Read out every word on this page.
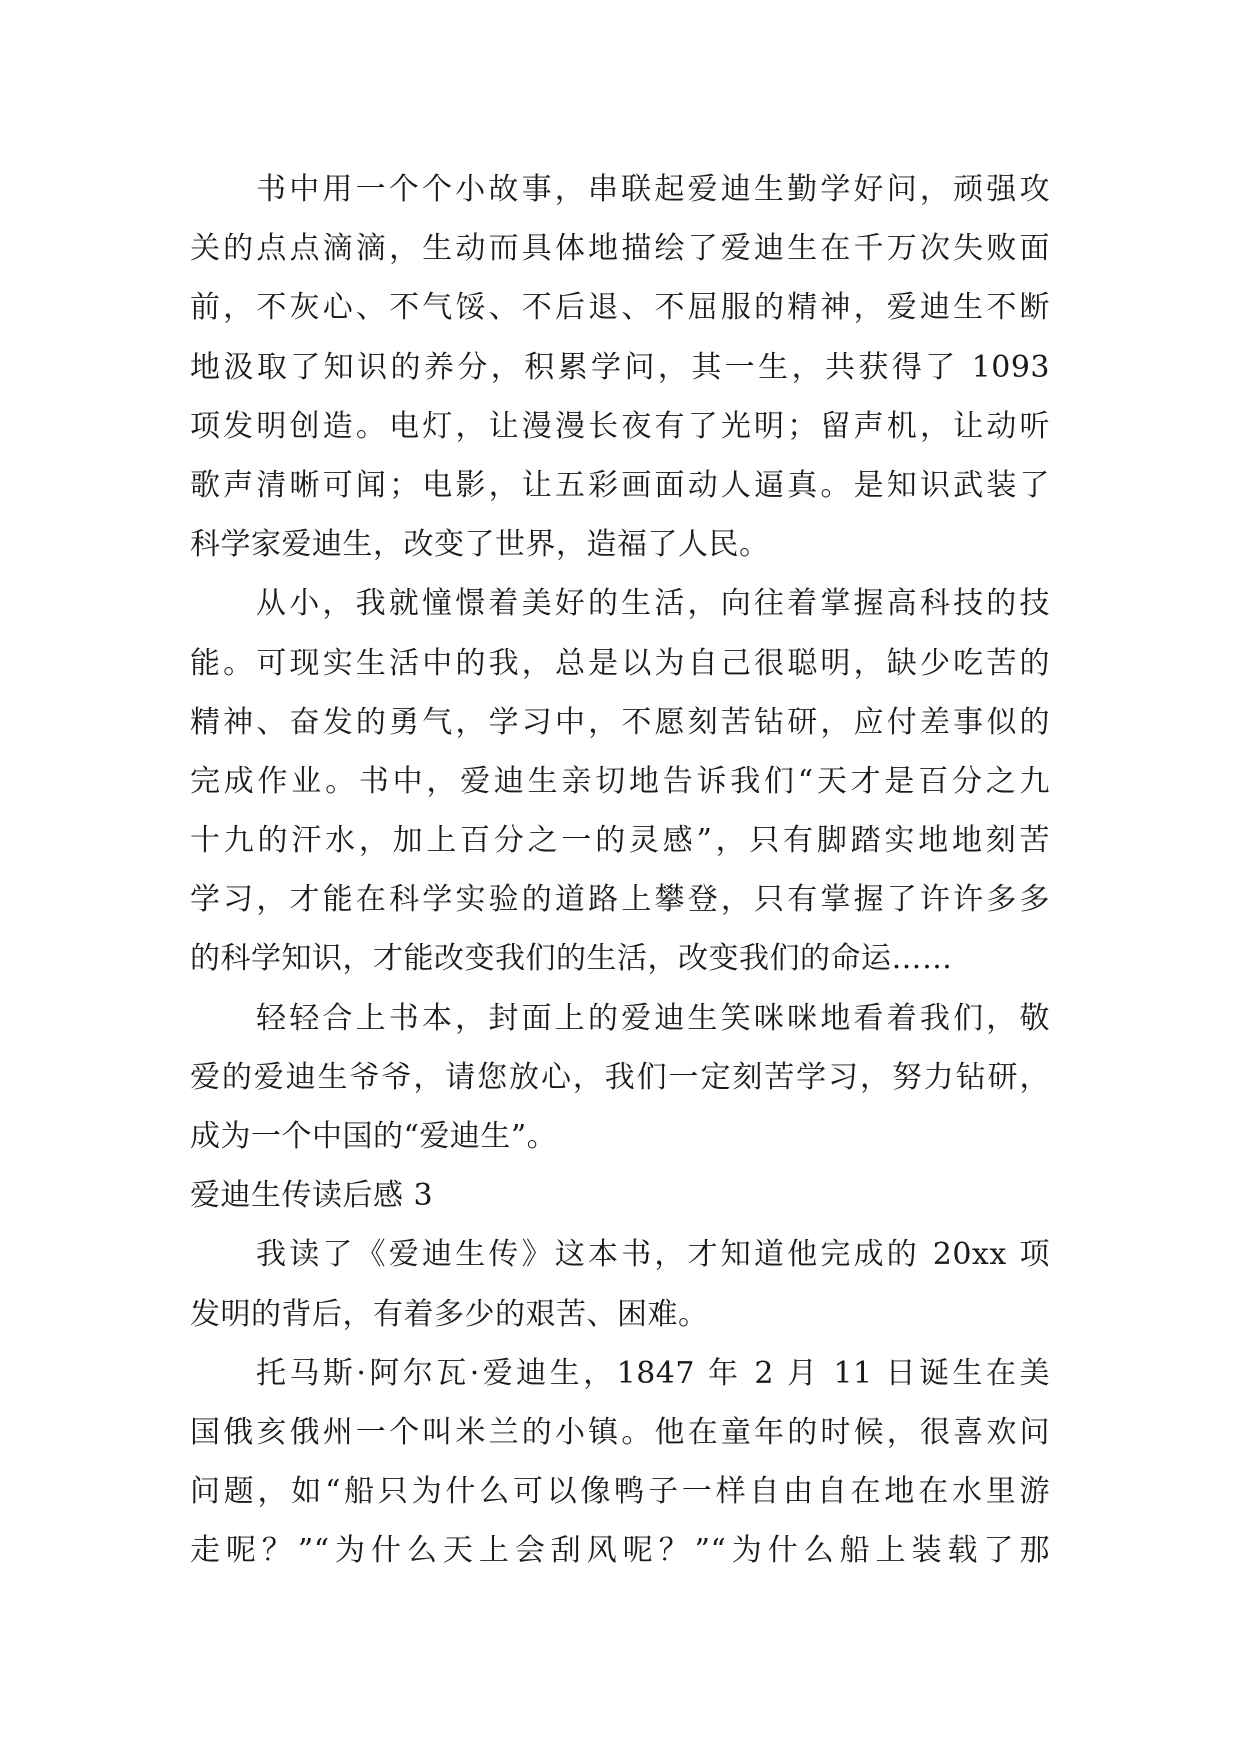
书中用一个个小故事，串联起爱迪生勤学好问，顽强攻
关的点点滴滴，生动而具体地描绘了爱迪生在千万次失败面
前，不灰心、不气馁、不后退、不屈服的精神，爱迪生不断
地汲取了知识的养分，积累学问，其一生，共获得了 1093
项发明创造。电灯，让漫漫长夜有了光明；留声机，让动听
歌声清晰可闻；电影，让五彩画面动人逼真。是知识武装了
科学家爱迪生，改变了世界，造福了人民。
从小，我就憧憬着美好的生活，向往着掌握高科技的技
能。可现实生活中的我，总是以为自己很聪明，缺少吃苦的
精神、奋发的勇气，学习中，不愿刻苦钻研，应付差事似的
完成作业。书中，爱迪生亲切地告诉我们“天才是百分之九
十九的汗水，加上百分之一的灵感”，只有脚踏实地地刻苦
学习，才能在科学实验的道路上攀登，只有掌握了许许多多
的科学知识，才能改变我们的生活，改变我们的命运……
轻轻合上书本，封面上的爱迪生笑咪咪地看着我们，敬
爱的爱迪生爷爷，请您放心，我们一定刻苦学习，努力钻研，
成为一个中国的“爱迪生”。
爱迪生传读后感 3
我读了《爱迪生传》这本书，才知道他完成的 20xx 项
发明的背后，有着多少的艰苦、困难。
托马斯·阿尔瓦·爱迪生，1847 年 2 月 11 日诞生在美
国俄亥俄州一个叫米兰的小镇。他在童年的时候，很喜欢问
问题，如“船只为什么可以像鸭子一样自由自在地在水里游
走呢？”“为什么天上会刮风呢？”“为什么船上装载了那
